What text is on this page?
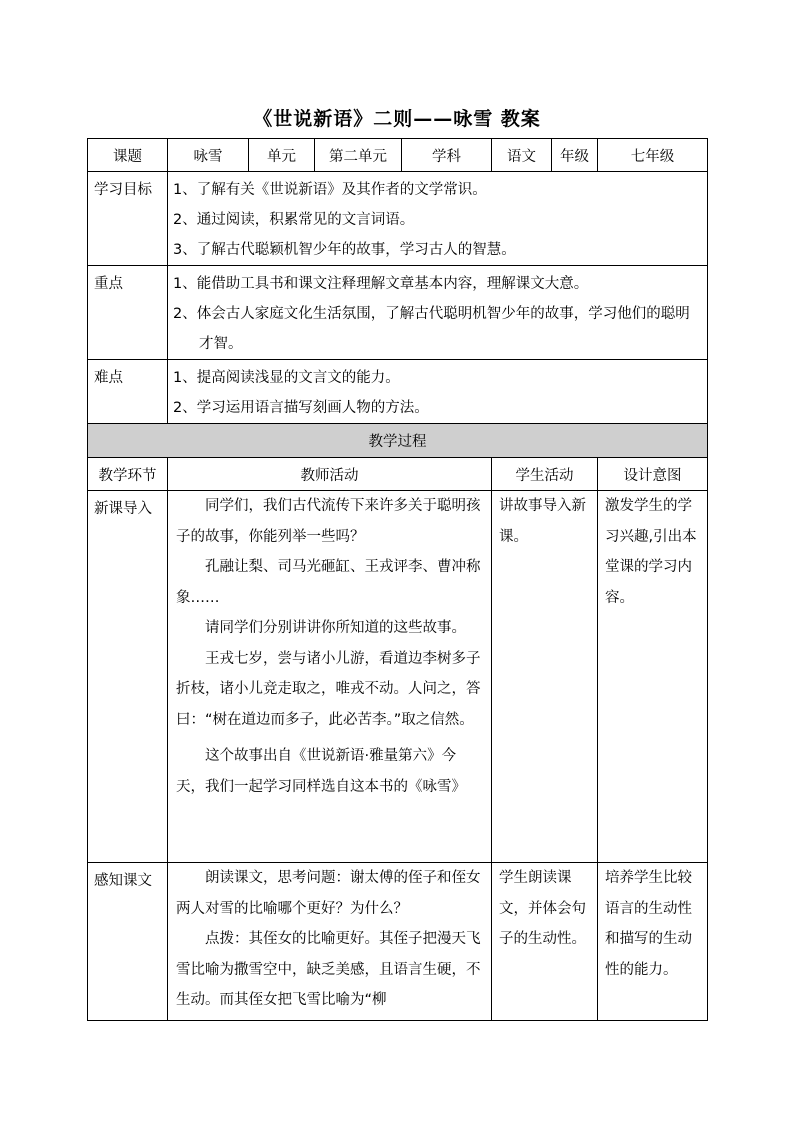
《世说新语》二则——咏雪 教案
课题	咏雪	单元	第二单元	学科	语文	年级	七年级
学习目标	1、了解有关《世说新语》及其作者的文学常识。

2、通过阅读，积累常见的文言词语。

3、了解古代聪颖机智少年的故事，学习古人的智慧。						

重点	1、能借助工具书和课文注释理解文章基本内容，理解课文大意。

2、体会古人家庭文化生活氛围，了解古代聪明机智少年的故事，学习他们的聪明才智。						

难点	1、提高阅读浅显的文言文的能力。

2、学习运用语言描写刻画人物的方法。						

教学过程							
教学环节	教师活动				学生活动		设计意图
新课导入	同学们，我们古代流传下来许多关于聪明孩子的故事，你能列举一些吗？

孔融让梨、司马光砸缸、王戎评李、曹冲称象……

请同学们分别讲讲你所知道的这些故事。

王戎七岁，尝与诸小儿游，看道边李树多子折枝，诸小儿竞走取之，唯戎不动。人问之，答曰：“树在道边而多子，此必苦李。”取之信然。

这个故事出自《世说新语·雅量第六》今天，我们一起学习同样选自这本书的《咏雪》				讲故事导入新课。		激发学生的学习兴趣,引出本堂课的学习内容。
感知课文	朗读课文，思考问题：谢太傅的侄子和侄女两人对雪的比喻哪个更好？为什么？

点拨：其侄女的比喻更好。其侄子把漫天飞雪比喻为撒雪空中，缺乏美感，且语言生硬，不生动。而其侄女把飞雪比喻为“柳				学生朗读课文，并体会句子的生动性。		培养学生比较语言的生动性和描写的生动性的能力。
